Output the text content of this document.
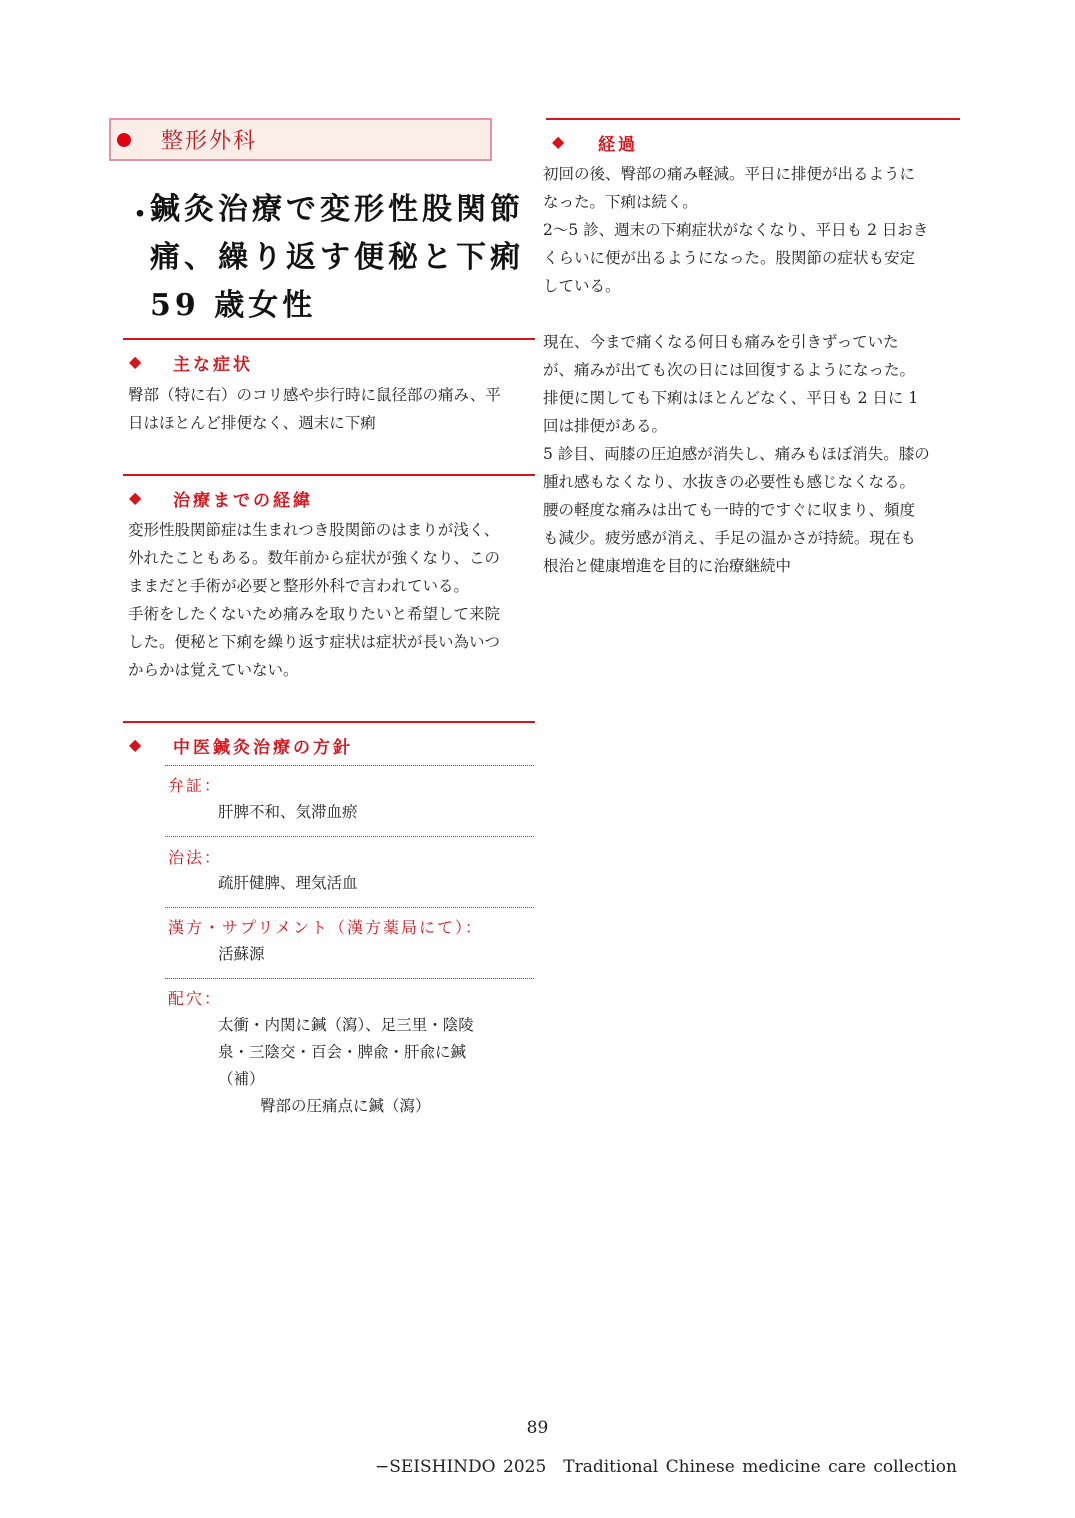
整形外科
・
鍼灸治療で変形性股関節
痛、繰り返す便秘と下痢
59 歳女性
◆ 主な症状
臀部（特に右）のコリ感や歩行時に鼠径部の痛み、平
日はほとんど排便なく、週末に下痢
◆ 治療までの経緯
変形性股関節症は生まれつき股関節のはまりが浅く、
外れたこともある。数年前から症状が強くなり、この
ままだと手術が必要と整形外科で言われている。
手術をしたくないため痛みを取りたいと希望して来院
した。便秘と下痢を繰り返す症状は症状が長い為いつ
からかは覚えていない。
◆ 中医鍼灸治療の方針
弁証：
肝脾不和、気滞血瘀
治法：
疏肝健脾、理気活血
漢方・サプリメント（漢方薬局にて）：
活蘇源
配穴：
太衝・内関に鍼（瀉）、足三里・陰陵
泉・三陰交・百会・脾兪・肝兪に鍼
（補）
臀部の圧痛点に鍼（瀉）
◆ 経過
初回の後、臀部の痛み軽減。平日に排便が出るように
なった。下痢は続く。
2〜5 診、週末の下痢症状がなくなり、平日も 2 日おき
くらいに便が出るようになった。股関節の症状も安定
している。
現在、今まで痛くなる何日も痛みを引きずっていた
が、痛みが出ても次の日には回復するようになった。
排便に関しても下痢はほとんどなく、平日も 2 日に 1
回は排便がある。
5 診目、両膝の圧迫感が消失し、痛みもほぼ消失。膝の
腫れ感もなくなり、水抜きの必要性も感じなくなる。
腰の軽度な痛みは出ても一時的ですぐに収まり、頻度
も減少。疲労感が消え、手足の温かさが持続。現在も
根治と健康増進を目的に治療継続中
89
−SEISHINDO 2025　Traditional Chinese medicine care collection
